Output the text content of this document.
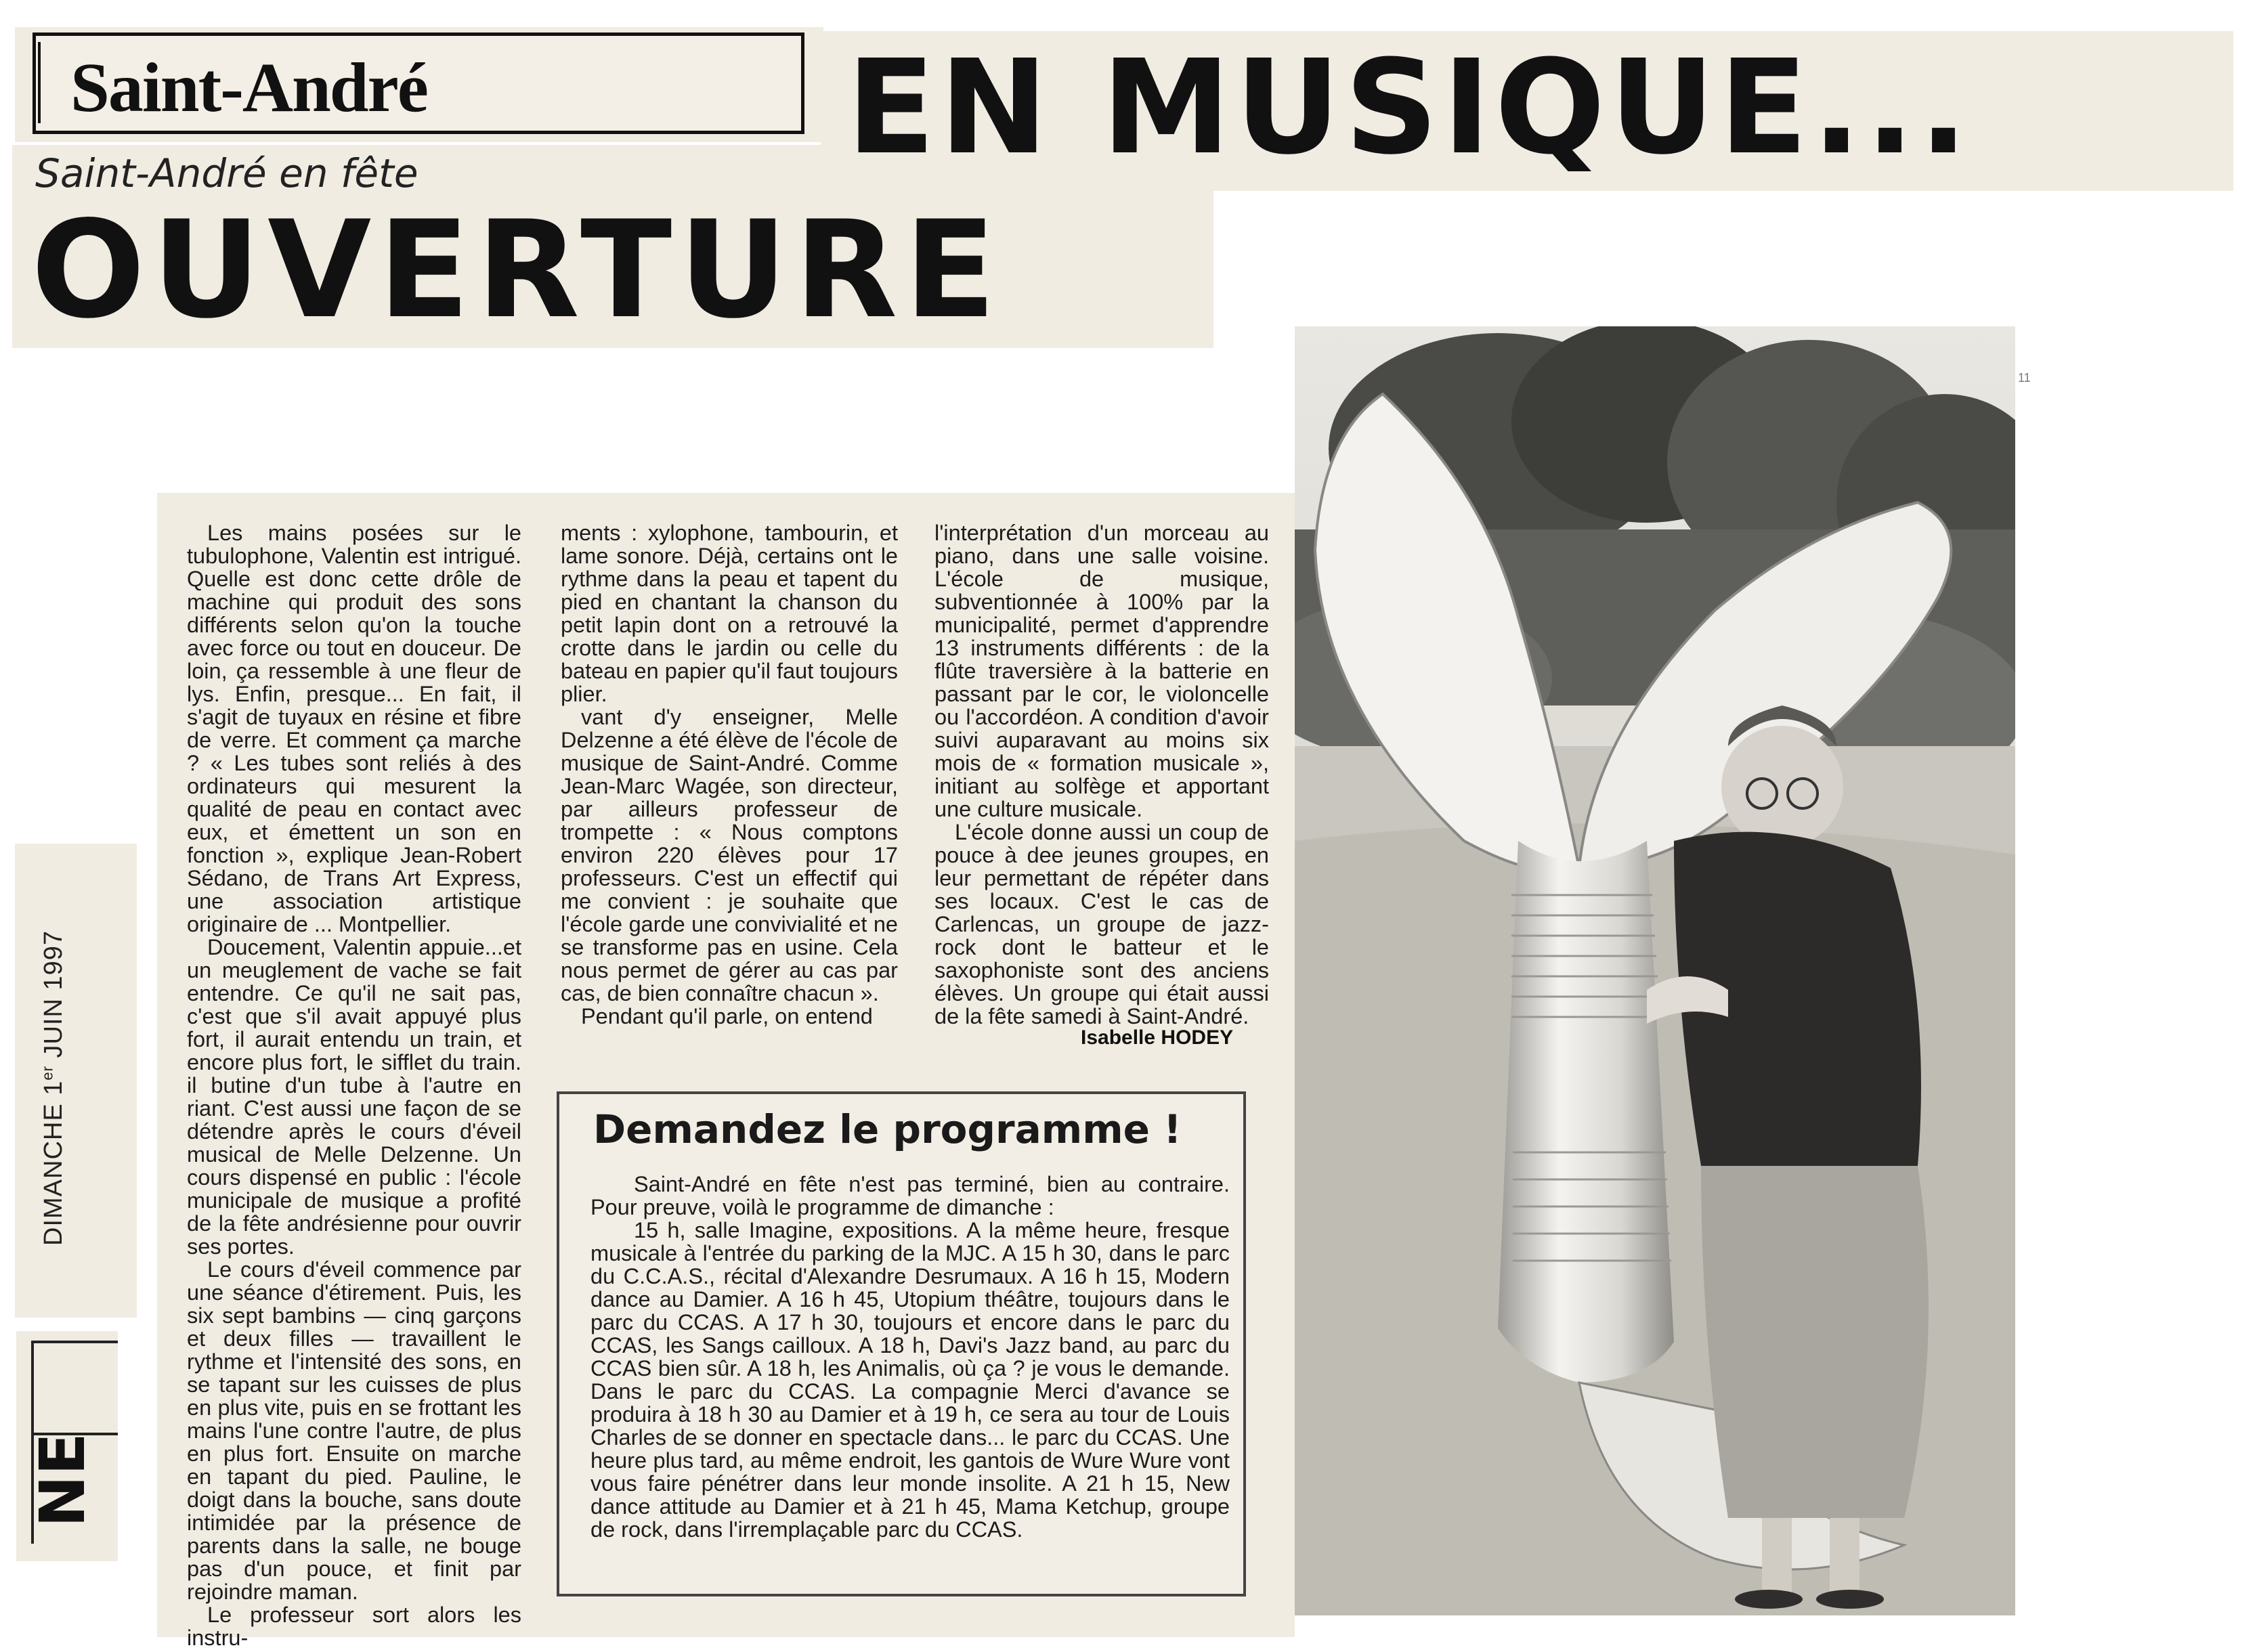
Saint-André	EN MUSIQUE...
Saint-André en fête
OUVERTURE
DIMANCHE 1er JUIN 1997
NE

Les mains posées sur le tubulophone, Valentin est intrigué. Quelle est donc cette drôle de machine qui produit des sons différents selon qu'on la touche avec force ou tout en douceur. De loin, ça ressemble à une fleur de lys. Enfin, presque... En fait, il s'agit de tuyaux en résine et fibre de verre. Et comment ça marche ? « Les tubes sont reliés à des ordinateurs qui mesurent la qualité de peau en contact avec eux, et émettent un son en fonction », explique Jean-Robert Sédano, de Trans Art Express, une association artistique originaire de ... Montpellier.

Doucement, Valentin appuie...et un meuglement de vache se fait entendre. Ce qu'il ne sait pas, c'est que s'il avait appuyé plus fort, il aurait entendu un train, et encore plus fort, le sifflet du train. il butine d'un tube à l'autre en riant. C'est aussi une façon de se détendre après le cours d'éveil musical de Melle Delzenne. Un cours dispensé en public : l'école municipale de musique a profité de la fête andrésienne pour ouvrir ses portes.

Le cours d'éveil commence par une séance d'étirement. Puis, les six sept bambins — cinq garçons et deux filles — travaillent le rythme et l'intensité des sons, en se tapant sur les cuisses de plus en plus vite, puis en se frottant les mains l'une contre l'autre, de plus en plus fort. Ensuite on marche en tapant du pied. Pauline, le doigt dans la bouche, sans doute intimidée par la présence de parents dans la salle, ne bouge pas d'un pouce, et finit par rejoindre maman.

Le professeur sort alors les instru-

ments : xylophone, tambourin, et lame sonore. Déjà, certains ont le rythme dans la peau et tapent du pied en chantant la chanson du petit lapin dont on a retrouvé la crotte dans le jardin ou celle du bateau en papier qu'il faut toujours plier.

vant d'y enseigner, Melle Delzenne a été élève de l'école de musique de Saint-André. Comme Jean-Marc Wagée, son directeur, par ailleurs professeur de trompette : « Nous comptons environ 220 élèves pour 17 professeurs. C'est un effectif qui me convient : je souhaite que l'école garde une convivialité et ne se transforme pas en usine. Cela nous permet de gérer au cas par cas, de bien connaître chacun ».

Pendant qu'il parle, on entend

l'interprétation d'un morceau au piano, dans une salle voisine. L'école de musique, subventionnée à 100% par la municipalité, permet d'apprendre 13 instruments différents : de la flûte traversière à la batterie en passant par le cor, le violoncelle ou l'accordéon. A condition d'avoir suivi auparavant au moins six mois de « formation musicale », initiant au solfège et apportant une culture musicale.

L'école donne aussi un coup de pouce à dee jeunes groupes, en leur permettant de répéter dans ses locaux. C'est le cas de Carlencas, un groupe de jazz-rock dont le batteur et le saxophoniste sont des anciens élèves. Un groupe qui était aussi de la fête samedi à Saint-André.

Isabelle HODEY
Demandez le programme !

Saint-André en fête n'est pas terminé, bien au contraire. Pour preuve, voilà le programme de dimanche :

15 h, salle Imagine, expositions. A la même heure, fresque musicale à l'entrée du parking de la MJC. A 15 h 30, dans le parc du C.C.A.S., récital d'Alexandre Desrumaux. A 16 h 15, Modern dance au Damier. A 16 h 45, Utopium théâtre, toujours dans le parc du CCAS. A 17 h 30, toujours et encore dans le parc du CCAS, les Sangs cailloux. A 18 h, Davi's Jazz band, au parc du CCAS bien sûr. A 18 h, les Animalis, où ça ? je vous le demande. Dans le parc du CCAS. La compagnie Merci d'avance se produira à 18 h 30 au Damier et à 19 h, ce sera au tour de Louis Charles de se donner en spectacle dans... le parc du CCAS. Une heure plus tard, au même endroit, les gantois de Wure Wure vont vous faire pénétrer dans leur monde insolite. A 21 h 15, New dance attitude au Damier et à 21 h 45, Mama Ketchup, groupe de rock, dans l'irremplaçable parc du CCAS.

11
